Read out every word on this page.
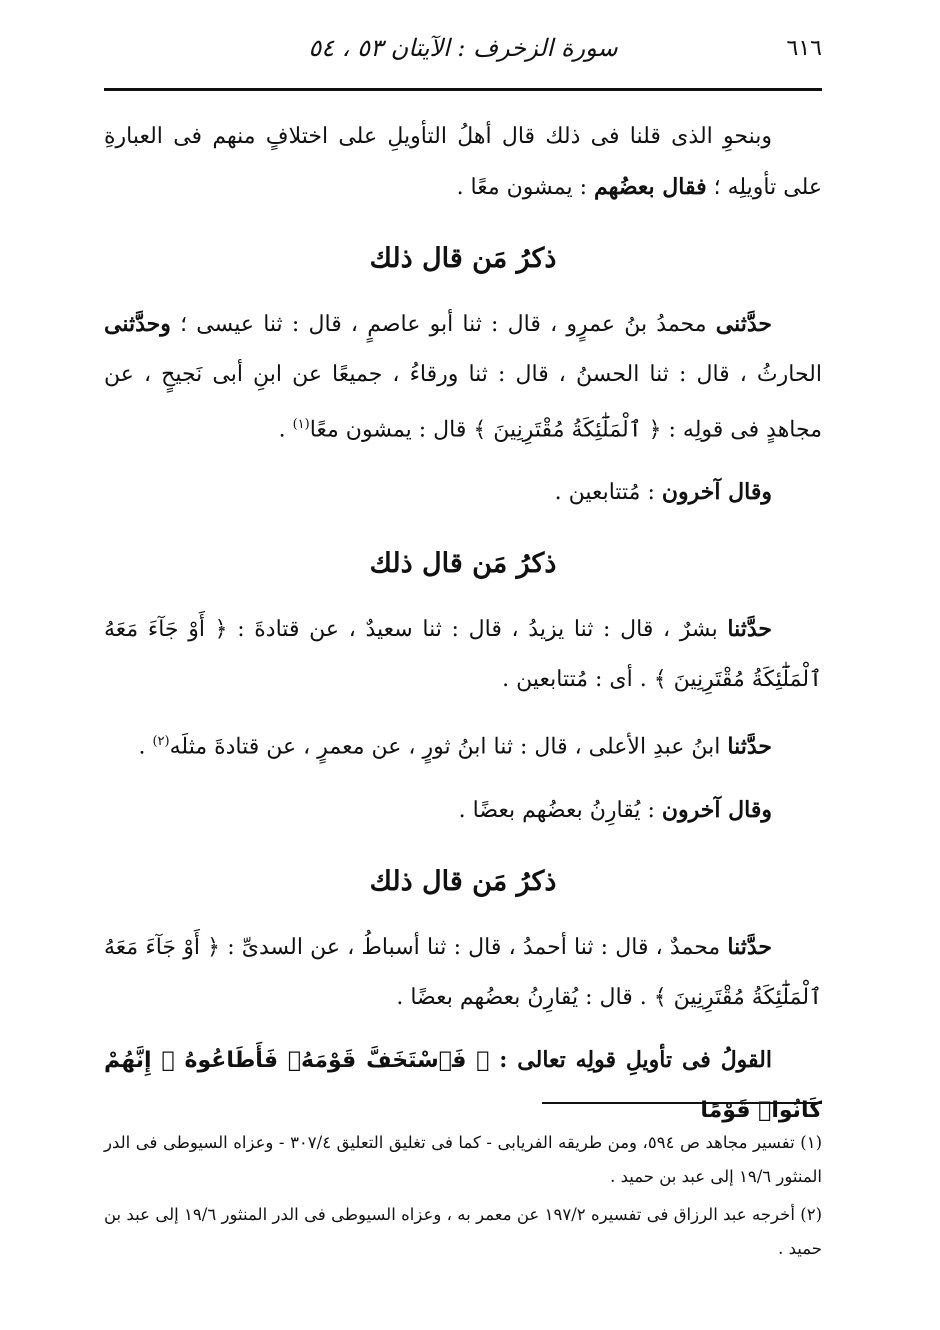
٦١٦
سورة الزخرف : الآيتان ٥٣ ، ٥٤

وبنحوِ الذى قلنا فى ذلك قال أهلُ التأويلِ على اختلافٍ منهم فى العبارةِ على تأويلِه ؛ فقال بعضُهم : يمشون معًا .

ذكرُ مَن قال ذلك

حدَّثنى محمدُ بنُ عمرٍو ، قال : ثنا أبو عاصمٍ ، قال : ثنا عيسى ؛ وحدَّثنى الحارثُ ، قال : ثنا الحسنُ ، قال : ثنا ورقاءُ ، جميعًا عن ابنِ أبى نَجيحٍ ، عن مجاهدٍ فى قولِه : ﴿ ٱلْمَلَٰٓئِكَةُ مُقْتَرِنِينَ ﴾ قال : يمشون معًا$^{(١)}$ .

وقال آخرون : مُتتابعين .

ذكرُ مَن قال ذلك

حدَّثنا بشرٌ ، قال : ثنا يزيدُ ، قال : ثنا سعيدٌ ، عن قتادةَ : ﴿ أَوْ جَآءَ مَعَهُ ٱلْمَلَٰٓئِكَةُ مُقْتَرِنِينَ ﴾ . أى : مُتتابعين .

حدَّثنا ابنُ عبدِ الأعلى ، قال : ثنا ابنُ ثورٍ ، عن معمرٍ ، عن قتادةَ مثلَه$^{(٢)}$ .

وقال آخرون : يُقارِنُ بعضُهم بعضًا .

ذكرُ مَن قال ذلك

حدَّثنا محمدٌ ، قال : ثنا أحمدُ ، قال : ثنا أسباطُ ، عن السدىِّ : ﴿ أَوْ جَآءَ مَعَهُ ٱلْمَلَٰٓئِكَةُ مُقْتَرِنِينَ ﴾ . قال : يُقارِنُ بعضُهم بعضًا .

القولُ فى تأويلِ قولِه تعالى : ﴿ فَٱسْتَخَفَّ قَوْمَهُۥ فَأَطَاعُوهُ ۚ إِنَّهُمْ كَانُوا۟ قَوْمًا

(١) تفسير مجاهد ص ٥٩٤، ومن طريقه الفريابى - كما فى تغليق التعليق ٣٠٧/٤ - وعزاه السيوطى فى الدر المنثور ١٩/٦ إلى عبد بن حميد .

(٢) أخرجه عبد الرزاق فى تفسيره ١٩٧/٢ عن معمر به ، وعزاه السيوطى فى الدر المنثور ١٩/٦ إلى عبد بن حميد .
